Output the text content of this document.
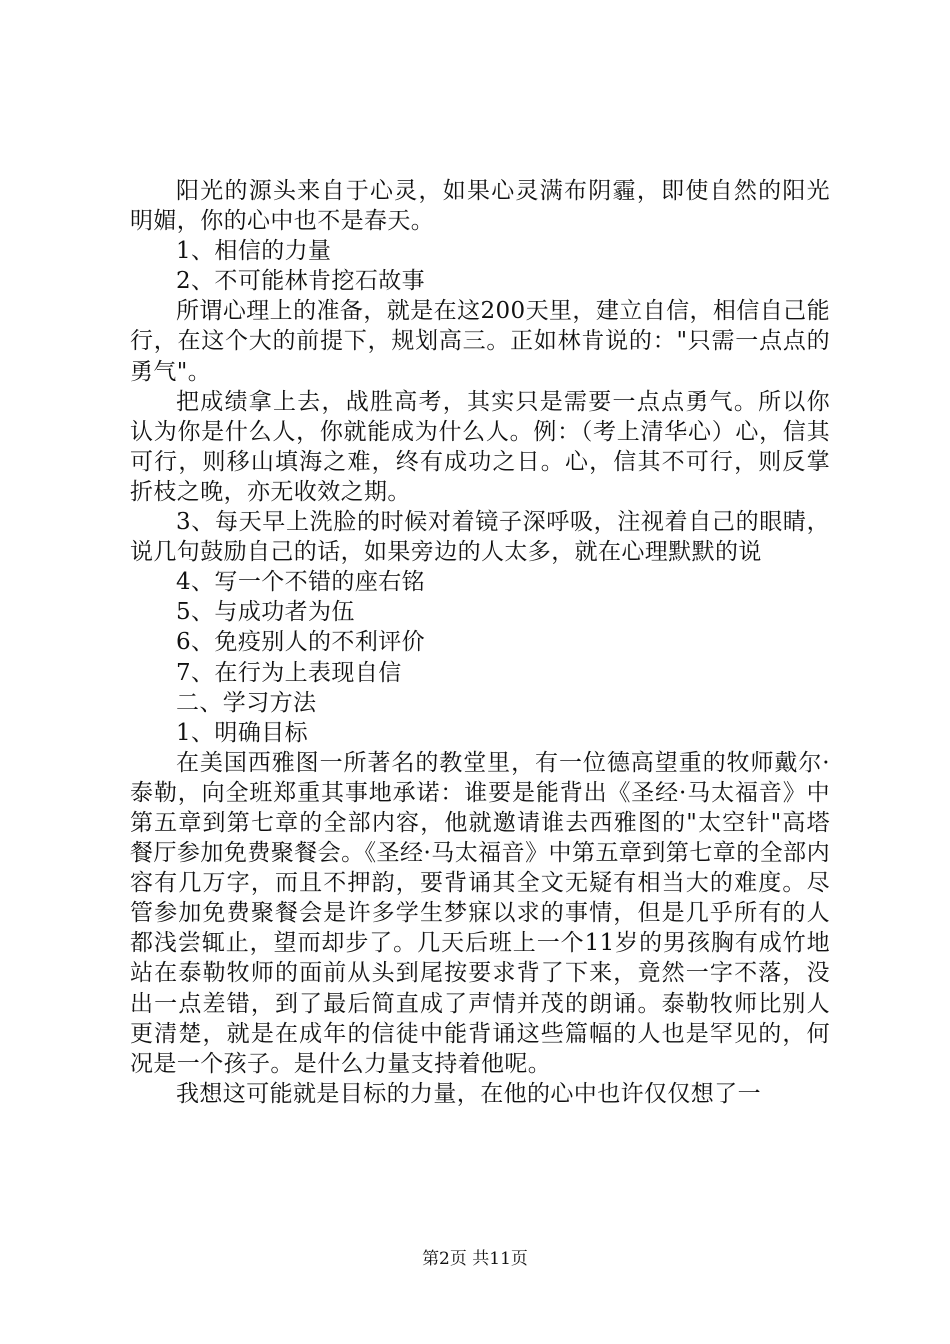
阳光的源头来自于心灵，如果心灵满布阴霾，即使自然的阳光明媚，你的心中也不是春天。

1、相信的力量

2、不可能林肯挖石故事

所谓心理上的准备，就是在这200天里，建立自信，相信自己能行，在这个大的前提下，规划高三。正如林肯说的："只需一点点的勇气"。

把成绩拿上去，战胜高考，其实只是需要一点点勇气。所以你认为你是什么人，你就能成为什么人。例：（考上清华心）心，信其可行，则移山填海之难，终有成功之日。心，信其不可行，则反掌折枝之晚，亦无收效之期。

3、每天早上洗脸的时候对着镜子深呼吸，注视着自己的眼睛，说几句鼓励自己的话，如果旁边的人太多，就在心理默默的说

4、写一个不错的座右铭

5、与成功者为伍

6、免疫别人的不利评价

7、在行为上表现自信

二、学习方法

1、明确目标

在美国西雅图一所著名的教堂里，有一位德高望重的牧师戴尔·泰勒，向全班郑重其事地承诺：谁要是能背出《圣经·马太福音》中第五章到第七章的全部内容，他就邀请谁去西雅图的"太空针"高塔餐厅参加免费聚餐会。《圣经·马太福音》中第五章到第七章的全部内容有几万字，而且不押韵，要背诵其全文无疑有相当大的难度。尽管参加免费聚餐会是许多学生梦寐以求的事情，但是几乎所有的人都浅尝辄止，望而却步了。几天后班上一个11岁的男孩胸有成竹地站在泰勒牧师的面前从头到尾按要求背了下来，竟然一字不落，没出一点差错，到了最后简直成了声情并茂的朗诵。泰勒牧师比别人更清楚，就是在成年的信徒中能背诵这些篇幅的人也是罕见的，何况是一个孩子。是什么力量支持着他呢。

我想这可能就是目标的力量，在他的心中也许仅仅想了一

第2页 共11页
